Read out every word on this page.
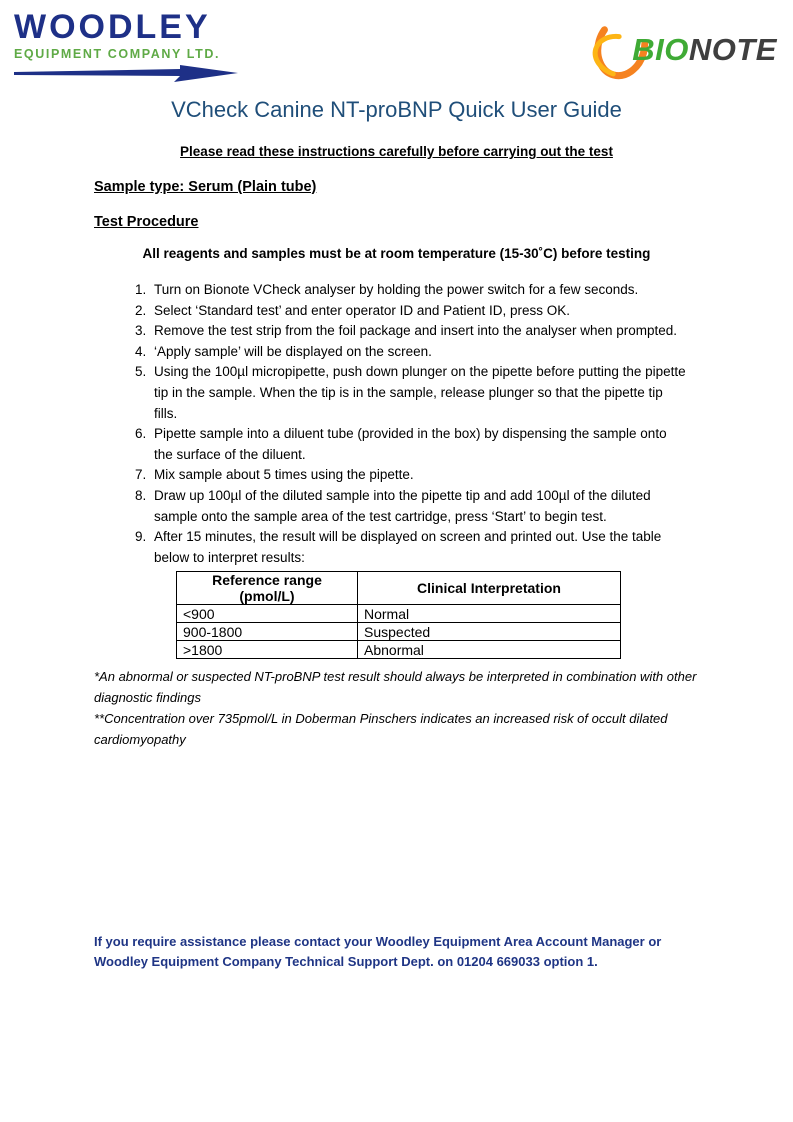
WOODLEY
EQUIPMENT COMPANY LTD.	BIONOTE
VCheck Canine NT-proBNP Quick User Guide
Please read these instructions carefully before carrying out the test
Sample type: Serum (Plain tube)
Test Procedure
All reagents and samples must be at room temperature (15-30˚C) before testing
1. Turn on Bionote VCheck analyser by holding the power switch for a few seconds.
2. Select ‘Standard test’ and enter operator ID and Patient ID, press OK.
3. Remove the test strip from the foil package and insert into the analyser when prompted.
4. ‘Apply sample’ will be displayed on the screen.
5. Using the 100µl micropipette, push down plunger on the pipette before putting the pipette tip in the sample. When the tip is in the sample, release plunger so that the pipette tip fills.
6. Pipette sample into a diluent tube (provided in the box) by dispensing the sample onto the surface of the diluent.
7. Mix sample about 5 times using the pipette.
8. Draw up 100µl of the diluted sample into the pipette tip and add 100µl of the diluted sample onto the sample area of the test cartridge, press ‘Start’ to begin test.
9. After 15 minutes, the result will be displayed on screen and printed out. Use the table below to interpret results:
Reference range (pmol/L)	Clinical Interpretation
<900	Normal
900-1800	Suspected
>1800	Abnormal
*An abnormal or suspected NT-proBNP test result should always be interpreted in combination with other diagnostic findings
**Concentration over 735pmol/L in Doberman Pinschers indicates an increased risk of occult dilated cardiomyopathy
If you require assistance please contact your Woodley Equipment Area Account Manager or Woodley Equipment Company Technical Support Dept. on 01204 669033 option 1.
